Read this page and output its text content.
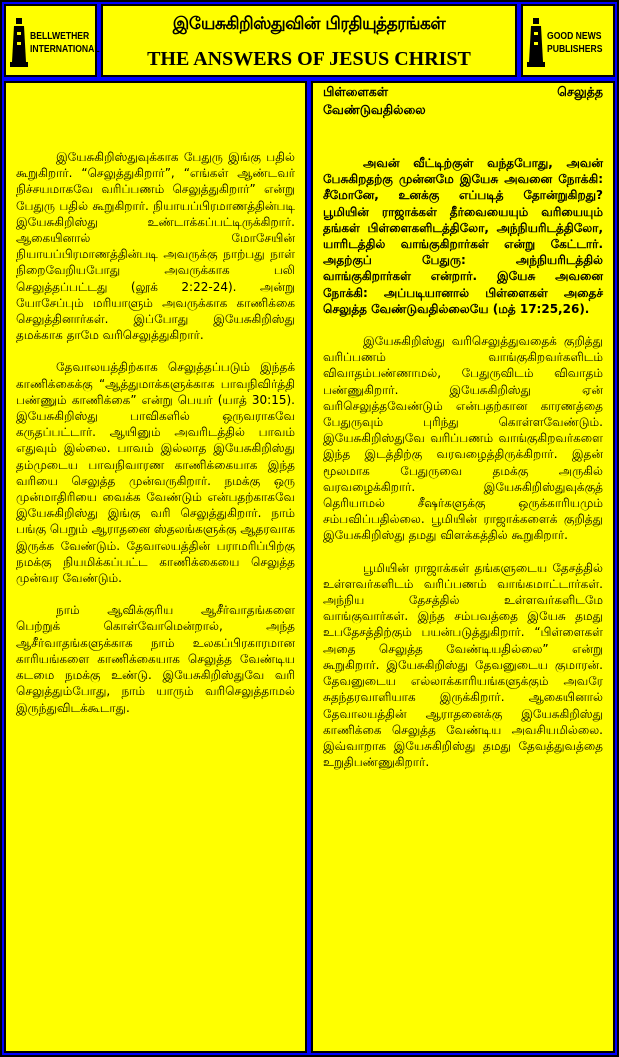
BELLWETHER
INTERNATIONAL
இயேசுகிறிஸ்துவின் பிரதியுத்தரங்கள்
THE ANSWERS OF JESUS CHRIST
GOOD NEWS
PUBLISHERS

இயேசுகிறிஸ்துவுக்காக பேதுரு இங்கு பதில் கூறுகிறார். “செலுத்துகிறார்”, “எங்கள் ஆண்டவர் நிச்சயமாகவே வரிப்பணம் செலுத்துகிறார்” என்று பேதுரு பதில் கூறுகிறார். நியாயப்பிரமாணத்தின்படி இயேசுகிறிஸ்து உண்டாக்கப்பட்டிருக்கிறார். ஆகையினால் மோசேயின் நியாயப்பிரமாணத்தின்படி அவருக்கு நாற்பது நாள் நிறைவேறியபோது அவருக்காக பலி செலுத்தப்பட்டது (லூக் 2:22-24). அன்று யோசேப்பும் மரியாளும் அவருக்காக காணிக்கை செலுத்தினார்கள். இப்போது இயேசுகிறிஸ்து தமக்காக தாமே வரிசெலுத்துகிறார்.

தேவாலயத்திற்காக செலுத்தப்படும் இந்தக் காணிக்கைக்கு “ஆத்துமாக்களுக்காக பாவநிவிர்த்தி பண்ணும் காணிக்கை” என்று பெயர் (யாத் 30:15). இயேசுகிறிஸ்து பாவிகளில் ஒருவராகவே கருதப்பட்டார். ஆயினும் அவரிடத்தில் பாவம் எதுவும் இல்லை. பாவம் இல்லாத இயேசுகிறிஸ்து தம்முடைய பாவநிவாரண காணிக்கையாக இந்த வரியை செலுத்த முன்வருகிறார். நமக்கு ஒரு முன்மாதிரியை வைக்க வேண்டும் என்பதற்காகவே இயேசுகிறிஸ்து இங்கு வரி செலுத்துகிறார். நாம் பங்கு பெறும் ஆராதனை ஸ்தலங்களுக்கு ஆதரவாக இருக்க வேண்டும். தேவாலயத்தின் பராமரிப்பிற்கு நமக்கு நியமிக்கப்பட்ட காணிக்கையை செலுத்த முன்வர வேண்டும்.

நாம் ஆவிக்குரிய ஆசீர்வாதங்களை பெற்றுக் கொள்வோமென்றால், அந்த ஆசீர்வாதங்களுக்காக நாம் உலகப்பிரகாரமான காரியங்களை காணிக்கையாக செலுத்த வேண்டிய கடமை நமக்கு உண்டு. இயேசுகிறிஸ்துவே வரி செலுத்தும்போது, நாம் யாரும் வரிசெலுத்தாமல் இருந்துவிடக்கூடாது.

பிள்ளைகள்	செலுத்த
வேண்டுவதில்லை

அவன் வீட்டிற்குள் வந்தபோது, அவன் பேசுகிறதற்கு முன்னமே இயேசு அவனை நோக்கி: சீமோனே, உனக்கு எப்படித் தோன்றுகிறது? பூமியின் ராஜாக்கள் தீர்வையையும் வரியையும் தங்கள் பிள்ளைகளிடத்திலோ, அந்நியரிடத்திலோ, யாரிடத்தில் வாங்குகிறார்கள் என்று கேட்டார். அதற்குப் பேதுரு: அந்நியரிடத்தில் வாங்குகிறார்கள் என்றார். இயேசு அவனை நோக்கி: அப்படியானால் பிள்ளைகள் அதைச் செலுத்த வேண்டுவதில்லையே (மத் 17:25,26).

இயேசுகிறிஸ்து வரிசெலுத்துவதைக் குறித்து வரிப்பணம் வாங்குகிறவர்களிடம் விவாதம்பண்ணாமல், பேதுருவிடம் விவாதம் பண்ணுகிறார். இயேசுகிறிஸ்து ஏன் வரிசெலுத்தவேண்டும் என்பதற்கான காரணத்தை பேதுருவும் புரிந்து கொள்ளவேண்டும். இயேசுகிறிஸ்துவே வரிப்பணம் வாங்குகிறவர்களை இந்த இடத்திற்கு வரவழைத்திருக்கிறார். இதன் மூலமாக பேதுருவை தமக்கு அருகில் வரவழைக்கிறார். இயேசுகிறிஸ்துவுக்குத் தெரியாமல் சீஷர்களுக்கு ஒருக்காரியமும் சம்பவிப்பதில்லை. பூமியின் ராஜாக்களைக் குறித்து இயேசுகிறிஸ்து தமது விளக்கத்தில் கூறுகிறார்.

பூமியின் ராஜாக்கள் தங்களுடைய தேசத்தில் உள்ளவர்களிடம் வரிப்பணம் வாங்கமாட்டார்கள். அந்நிய தேசத்தில் உள்ளவர்களிடமே வாங்குவார்கள். இந்த சம்பவத்தை இயேசு தமது உபதேசத்திற்கும் பயன்படுத்துகிறார். “பிள்ளைகள் அதை செலுத்த வேண்டியதில்லை” என்று கூறுகிறார். இயேசுகிறிஸ்து தேவனுடைய குமாரன். தேவனுடைய எல்லாக்காரியங்களுக்கும் அவரே சுதந்தரவாளியாக இருக்கிறார். ஆகையினால் தேவாலயத்தின் ஆராதனைக்கு இயேசுகிறிஸ்து காணிக்கை செலுத்த வேண்டிய அவசியமில்லை. இவ்வாறாக இயேசுகிறிஸ்து தமது தேவத்துவத்தை உறுதிபண்ணுகிறார்.
